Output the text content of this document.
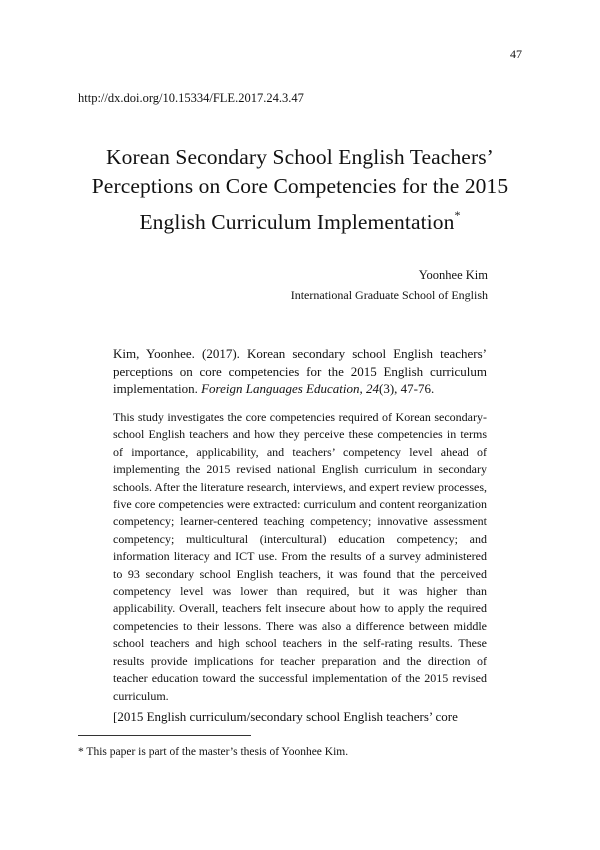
47
http://dx.doi.org/10.15334/FLE.2017.24.3.47
Korean Secondary School English Teachers’
Perceptions on Core Competencies for the 2015
English Curriculum Implementation*
Yoonhee Kim
International Graduate School of English
Kim, Yoonhee. (2017). Korean secondary school English teachers’ perceptions on core competencies for the 2015 English curriculum implementation. Foreign Languages Education, 24(3), 47-76.
This study investigates the core competencies required of Korean secondary-school English teachers and how they perceive these competencies in terms of importance, applicability, and teachers’ competency level ahead of implementing the 2015 revised national English curriculum in secondary schools. After the literature research, interviews, and expert review processes, five core competencies were extracted: curriculum and content reorganization competency; learner-centered teaching competency; innovative assessment competency; multicultural (intercultural) education competency; and information literacy and ICT use. From the results of a survey administered to 93 secondary school English teachers, it was found that the perceived competency level was lower than required, but it was higher than applicability. Overall, teachers felt insecure about how to apply the required competencies to their lessons. There was also a difference between middle school teachers and high school teachers in the self-rating results. These results provide implications for teacher preparation and the direction of teacher education toward the successful implementation of the 2015 revised curriculum.
[2015 English curriculum/secondary school English teachers’ core
* This paper is part of the master’s thesis of Yoonhee Kim.
